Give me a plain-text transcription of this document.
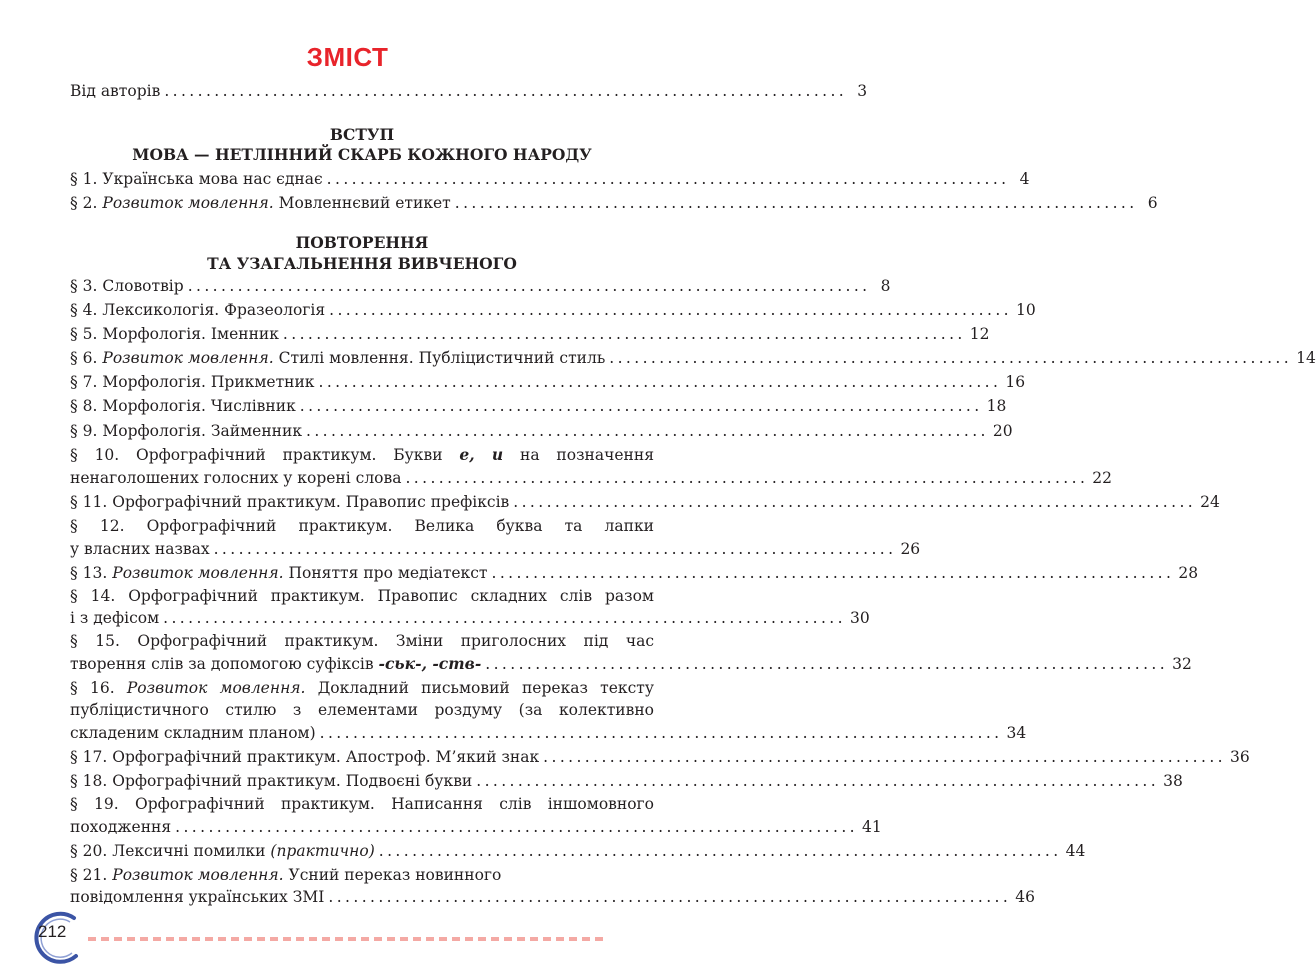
ЗМІСТ
Від авторів .................................................................................. 3
ВСТУП
МОВА — НЕТЛІННИЙ СКАРБ КОЖНОГО НАРОДУ
§ 1. Українська мова нас єднає .................................................................................. 4
§ 2. Розвиток мовлення. Мовленнєвий етикет .................................................................................. 6
ПОВТОРЕННЯ
ТА УЗАГАЛЬНЕННЯ ВИВЧЕНОГО
§ 3. Словотвір .................................................................................. 8
§ 4. Лексикологія. Фразеологія .................................................................................. 10
§ 5. Морфологія. Іменник .................................................................................. 12
§ 6. Розвиток мовлення. Стилі мовлення. Публіцистичний стиль .................................................................................. 14
§ 7. Морфологія. Прикметник .................................................................................. 16
§ 8. Морфологія. Числівник .................................................................................. 18
§ 9. Морфологія. Займенник .................................................................................. 20
§ 10. Орфографічний практикум. Букви е, и на позначення
ненаголошених голосних у корені слова .................................................................................. 22
§ 11. Орфографічний практикум. Правопис префіксів .................................................................................. 24
§ 12. Орфографічний практикум. Велика буква та лапки
у власних назвах .................................................................................. 26
§ 13. Розвиток мовлення. Поняття про медіатекст .................................................................................. 28
§ 14. Орфографічний практикум. Правопис складних слів разом
і з дефісом .................................................................................. 30
§ 15. Орфографічний практикум. Зміни приголосних під час
творення слів за допомогою суфіксів -ськ-, -ств- .................................................................................. 32
§ 16. Розвиток мовлення. Докладний письмовий переказ тексту
публіцистичного стилю з елементами роздуму (за колективно
складеним складним планом) .................................................................................. 34
§ 17. Орфографічний практикум. Апостроф. М’який знак .................................................................................. 36
§ 18. Орфографічний практикум. Подвоєні букви .................................................................................. 38
§ 19. Орфографічний практикум. Написання слів іншомовного
походження .................................................................................. 41
§ 20. Лексичні помилки (практично) .................................................................................. 44
§ 21. Розвиток мовлення. Усний переказ новинного
повідомлення українських ЗМІ .................................................................................. 46
212
